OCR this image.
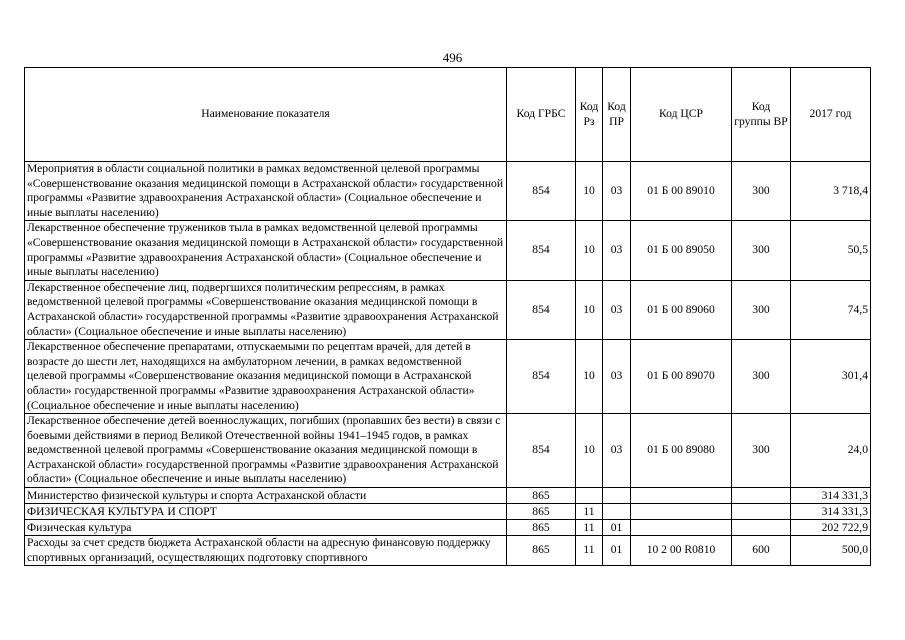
496
Наименование показателя	Код ГРБС	Код Рз	Код ПР	Код ЦСР	Код группы ВР	2017 год
Мероприятия в области социальной политики в рамках ведомственной целевой программы «Совершенствование оказания медицинской помощи в Астраханской области» государственной программы «Развитие здравоохранения Астраханской области» (Социальное обеспечение и иные выплаты населению)	854	10	03	01 Б 00 89010	300	3 718,4
Лекарственное обеспечение тружеников тыла в рамках ведомственной целевой программы «Совершенствование оказания медицинской помощи в Астраханской области» государственной программы «Развитие здравоохранения Астраханской области» (Социальное обеспечение и иные выплаты населению)	854	10	03	01 Б 00 89050	300	50,5
Лекарственное обеспечение лиц, подвергшихся политическим репрессиям, в рамках ведомственной целевой программы «Совершенствование оказания медицинской помощи в Астраханской области» государственной программы «Развитие здравоохранения Астраханской области» (Социальное обеспечение и иные выплаты населению)	854	10	03	01 Б 00 89060	300	74,5
Лекарственное обеспечение препаратами, отпускаемыми по рецептам врачей, для детей в возрасте до шести лет, находящихся на амбулаторном лечении, в рамках ведомственной целевой программы «Совершенствование оказания медицинской помощи в Астраханской области» государственной программы «Развитие здравоохранения Астраханской области» (Социальное обеспечение и иные выплаты населению)	854	10	03	01 Б 00 89070	300	301,4
Лекарственное обеспечение детей военнослужащих, погибших (пропавших без вести) в связи с боевыми действиями в период Великой Отечественной войны 1941–1945 годов, в рамках ведомственной целевой программы «Совершенствование оказания медицинской помощи в Астраханской области» государственной программы «Развитие здравоохранения Астраханской области» (Социальное обеспечение и иные выплаты населению)	854	10	03	01 Б 00 89080	300	24,0
Министерство физической культуры и спорта Астраханской области	865					314 331,3
ФИЗИЧЕСКАЯ КУЛЬТУРА И СПОРТ	865	11				314 331,3
Физическая культура	865	11	01			202 722,9
Расходы за счет средств бюджета Астраханской области на адресную финансовую поддержку спортивных организаций, осуществляющих подготовку спортивного	865	11	01	10 2 00 R0810	600	500,0
